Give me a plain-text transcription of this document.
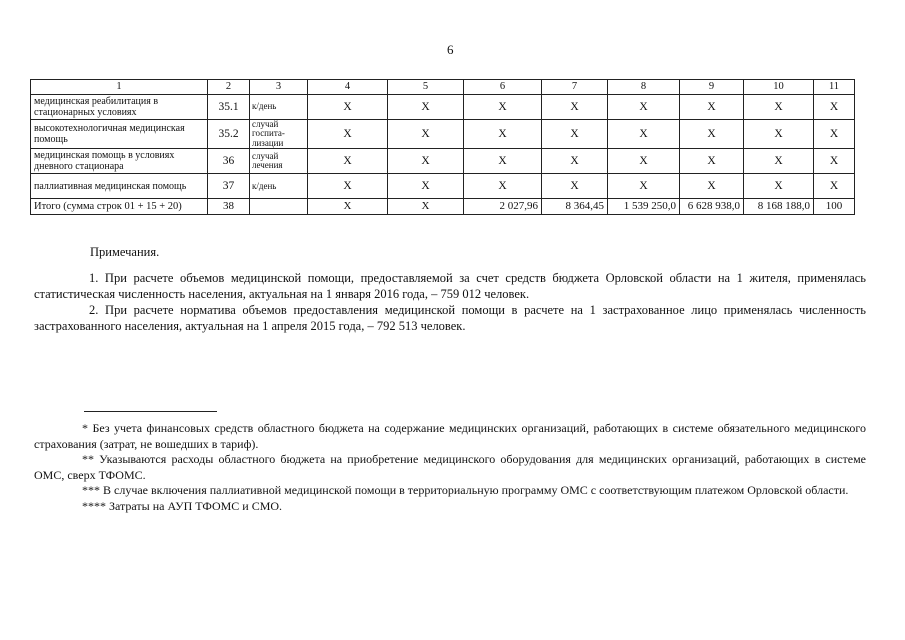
6
1	2	3	4	5	6	7	8	9	10	11
медицинская реабилитация в стационарных условиях	35.1	к/день	X	X	X	X	X	X	X	X
высокотехнологичная медицинская помощь	35.2	случай госпита-лизации	X	X	X	X	X	X	X	X
медицинская помощь в условиях дневного стационара	36	случай лечения	X	X	X	X	X	X	X	X
паллиативная медицинская помощь	37	к/день	X	X	X	X	X	X	X	X
Итого (сумма строк 01 + 15 + 20)	38		X	X	2 027,96	8 364,45	1 539 250,0	6 628 938,0	8 168 188,0	100
Примечания.

1. При расчете объемов медицинской помощи, предоставляемой за счет средств бюджета Орловской области на 1 жителя, применялась статистическая численность населения, актуальная на 1 января 2016 года, – 759 012 человек.

2. При расчете норматива объемов предоставления медицинской помощи в расчете на 1 застрахованное лицо применялась численность застрахованного населения, актуальная на 1 апреля 2015 года, – 792 513 человек.

* Без учета финансовых средств областного бюджета на содержание медицинских организаций, работающих в системе обязательного медицинского страхования (затрат, не вошедших в тариф).

** Указываются расходы областного бюджета на приобретение медицинского оборудования для медицинских организаций, работающих в системе ОМС, сверх ТФОМС.

*** В случае включения паллиативной медицинской помощи в территориальную программу ОМС с соответствующим платежом Орловской области.

**** Затраты на АУП ТФОМС и СМО.
